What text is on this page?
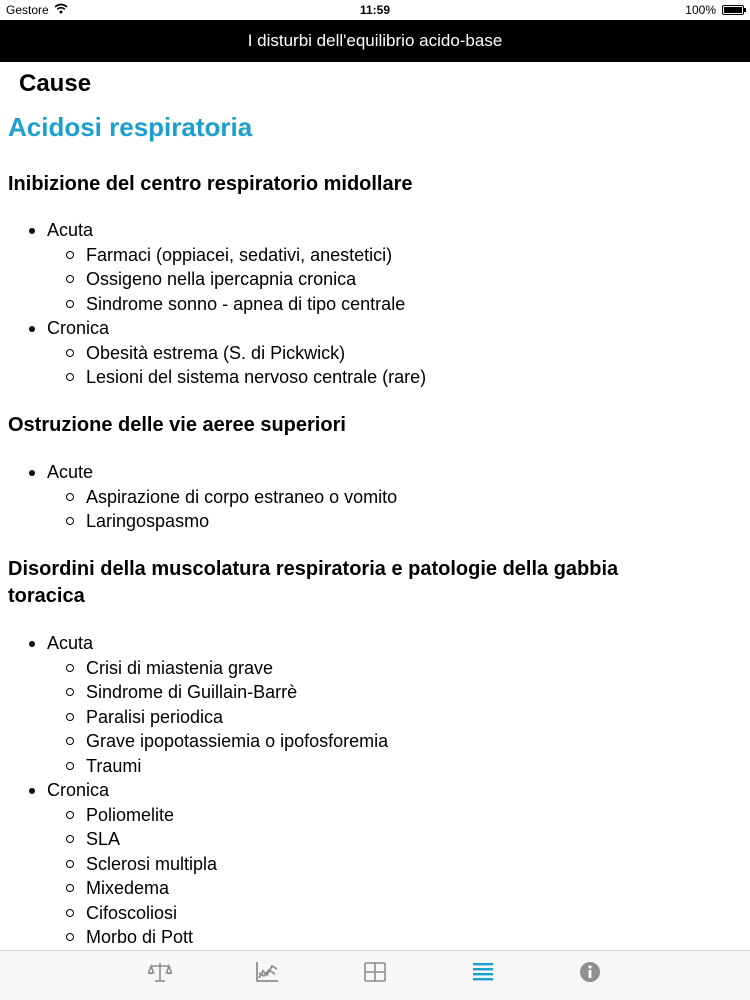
Gestore	11:59	100%
I disturbi dell'equilibrio acido-base
Cause
Acidosi respiratoria
Inibizione del centro respiratorio midollare
Acuta
Farmaci (oppiacei, sedativi, anestetici)
Ossigeno nella ipercapnia cronica
Sindrome sonno - apnea di tipo centrale
Cronica
Obesità estrema (S. di Pickwick)
Lesioni del sistema nervoso centrale (rare)
Ostruzione delle vie aeree superiori
Acute
Aspirazione di corpo estraneo o vomito
Laringospasmo
Disordini della muscolatura respiratoria e patologie della gabbia toracica
Acuta
Crisi di miastenia grave
Sindrome di Guillain-Barrè
Paralisi periodica
Grave ipopotassiemia o ipofosforemia
Traumi
Cronica
Poliomelite
SLA
Sclerosi multipla
Mixedema
Cifoscoliosi
Morbo di Pott
